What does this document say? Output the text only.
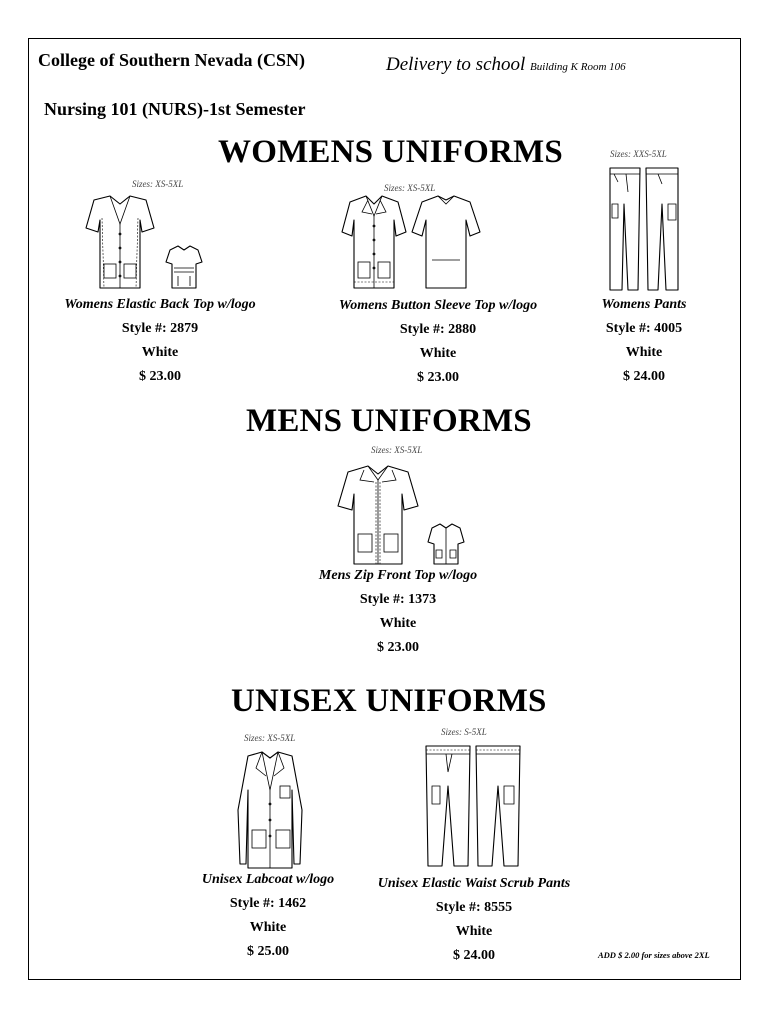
College of Southern Nevada (CSN)	Delivery to school Building K Room 106
Nursing 101 (NURS)-1st Semester
WOMENS UNIFORMS
Sizes: XS-5XL
Womens Elastic Back Top w/logo
Style #: 2879
White
$ 23.00
Sizes: XS-5XL
Womens Button Sleeve Top w/logo
Style #: 2880
White
$ 23.00
Sizes: XXS-5XL
Womens Pants
Style #: 4005
White
$ 24.00
MENS UNIFORMS
Sizes: XS-5XL
Mens Zip Front Top w/logo
Style #: 1373
White
$ 23.00
UNISEX UNIFORMS
Sizes: XS-5XL
Unisex Labcoat w/logo
Style #: 1462
White
$ 25.00
Sizes: S-5XL
Unisex Elastic Waist Scrub Pants
Style #: 8555
White
$ 24.00	ADD $ 2.00 for sizes above 2XL
